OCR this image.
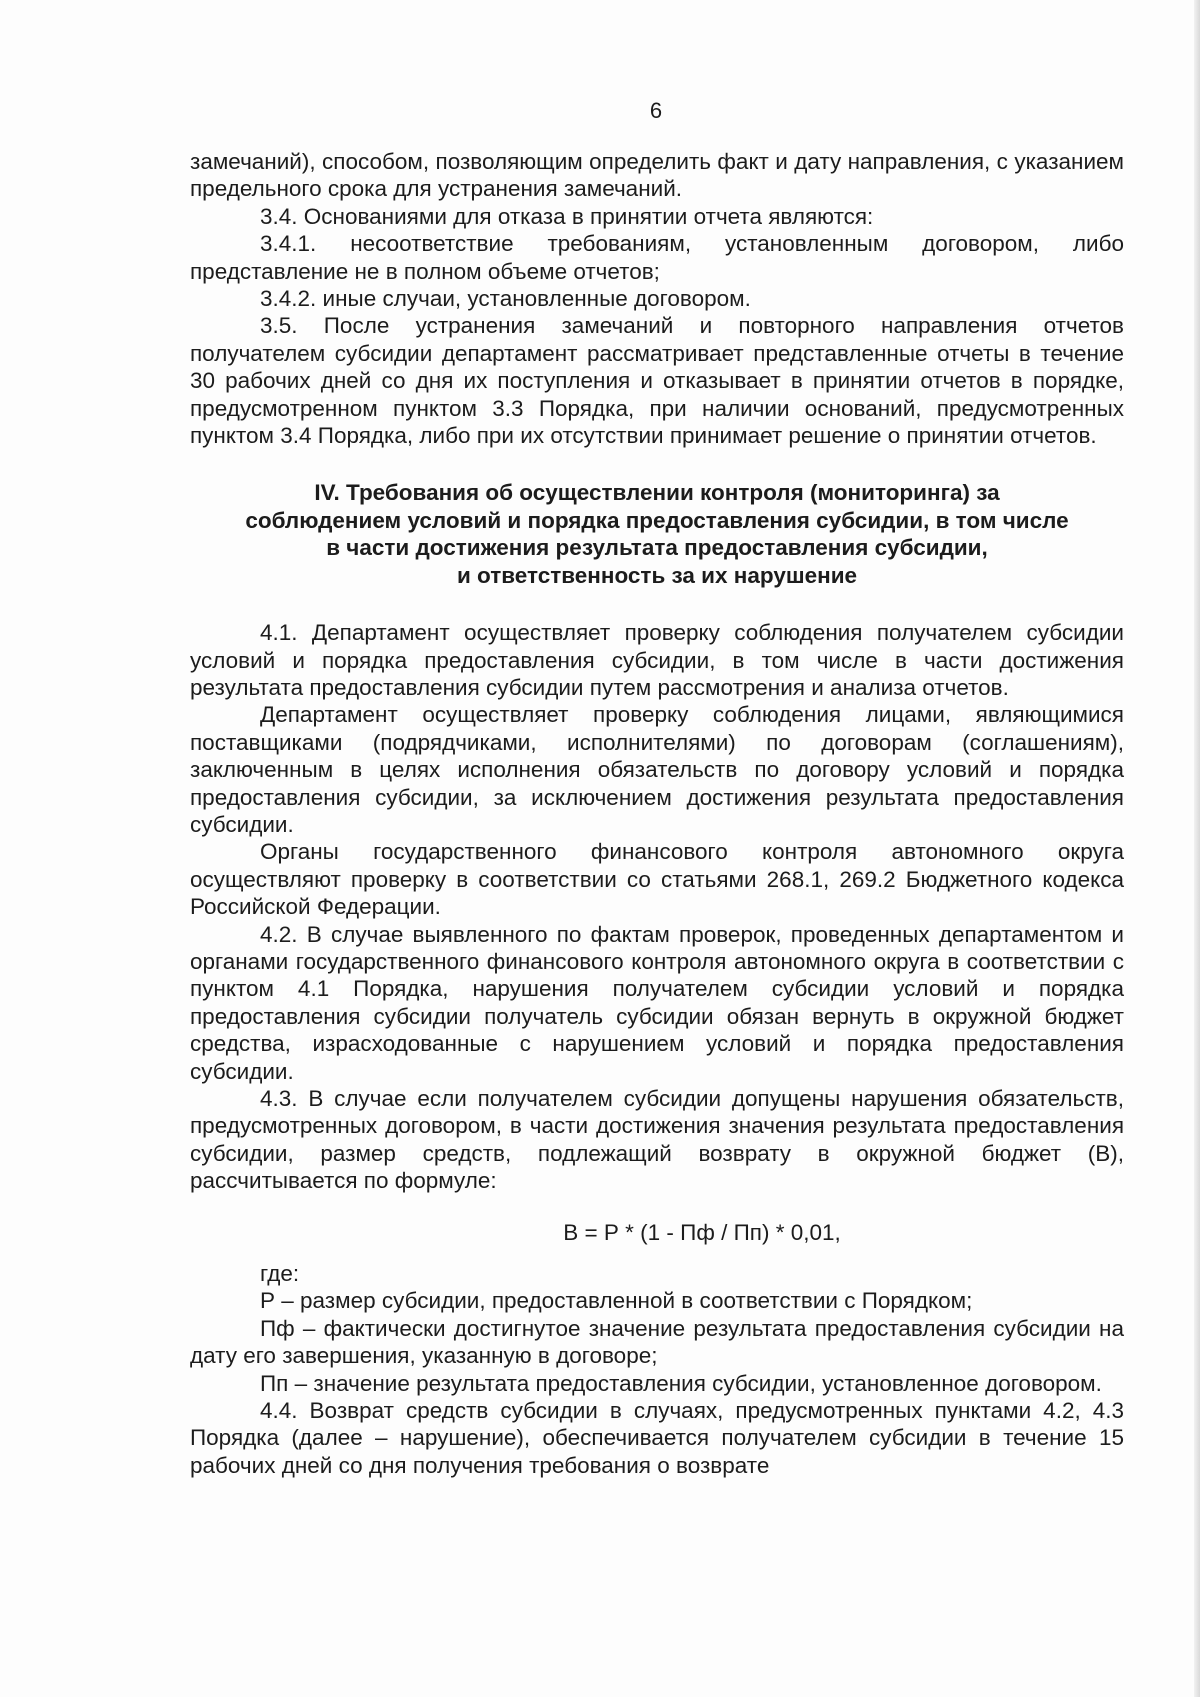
6

замечаний), способом, позволяющим определить факт и дату направления, с указанием предельного срока для устранения замечаний.

3.4. Основаниями для отказа в принятии отчета являются:

3.4.1. несоответствие требованиям, установленным договором, либо представление не в полном объеме отчетов;

3.4.2. иные случаи, установленные договором.

3.5. После устранения замечаний и повторного направления отчетов получателем субсидии департамент рассматривает представленные отчеты в течение 30 рабочих дней со дня их поступления и отказывает в принятии отчетов в порядке, предусмотренном пунктом 3.3 Порядка, при наличии оснований, предусмотренных пунктом 3.4 Порядка, либо при их отсутствии принимает решение о принятии отчетов.

IV. Требования об осуществлении контроля (мониторинга) за
соблюдением условий и порядка предоставления субсидии, в том числе
в части достижения результата предоставления субсидии,
и ответственность за их нарушение

4.1. Департамент осуществляет проверку соблюдения получателем субсидии условий и порядка предоставления субсидии, в том числе в части достижения результата предоставления субсидии путем рассмотрения и анализа отчетов.

Департамент осуществляет проверку соблюдения лицами, являющимися поставщиками (подрядчиками, исполнителями) по договорам (соглашениям), заключенным в целях исполнения обязательств по договору условий и порядка предоставления субсидии, за исключением достижения результата предоставления субсидии.

Органы государственного финансового контроля автономного округа осуществляют проверку в соответствии со статьями 268.1, 269.2 Бюджетного кодекса Российской Федерации.

4.2. В случае выявленного по фактам проверок, проведенных департаментом и органами государственного финансового контроля автономного округа в соответствии с пунктом 4.1 Порядка, нарушения получателем субсидии условий и порядка предоставления субсидии получатель субсидии обязан вернуть в окружной бюджет средства, израсходованные с нарушением условий и порядка предоставления субсидии.

4.3. В случае если получателем субсидии допущены нарушения обязательств, предусмотренных договором, в части достижения значения результата предоставления субсидии, размер средств, подлежащий возврату в окружной бюджет (В), рассчитывается по формуле:

В = Р * (1 - Пф / Пп) * 0,01,

где:

Р – размер субсидии, предоставленной в соответствии с Порядком;

Пф – фактически достигнутое значение результата предоставления субсидии на дату его завершения, указанную в договоре;

Пп – значение результата предоставления субсидии, установленное договором.

4.4. Возврат средств субсидии в случаях, предусмотренных пунктами 4.2, 4.3 Порядка (далее – нарушение), обеспечивается получателем субсидии в течение 15 рабочих дней со дня получения требования о возврате
